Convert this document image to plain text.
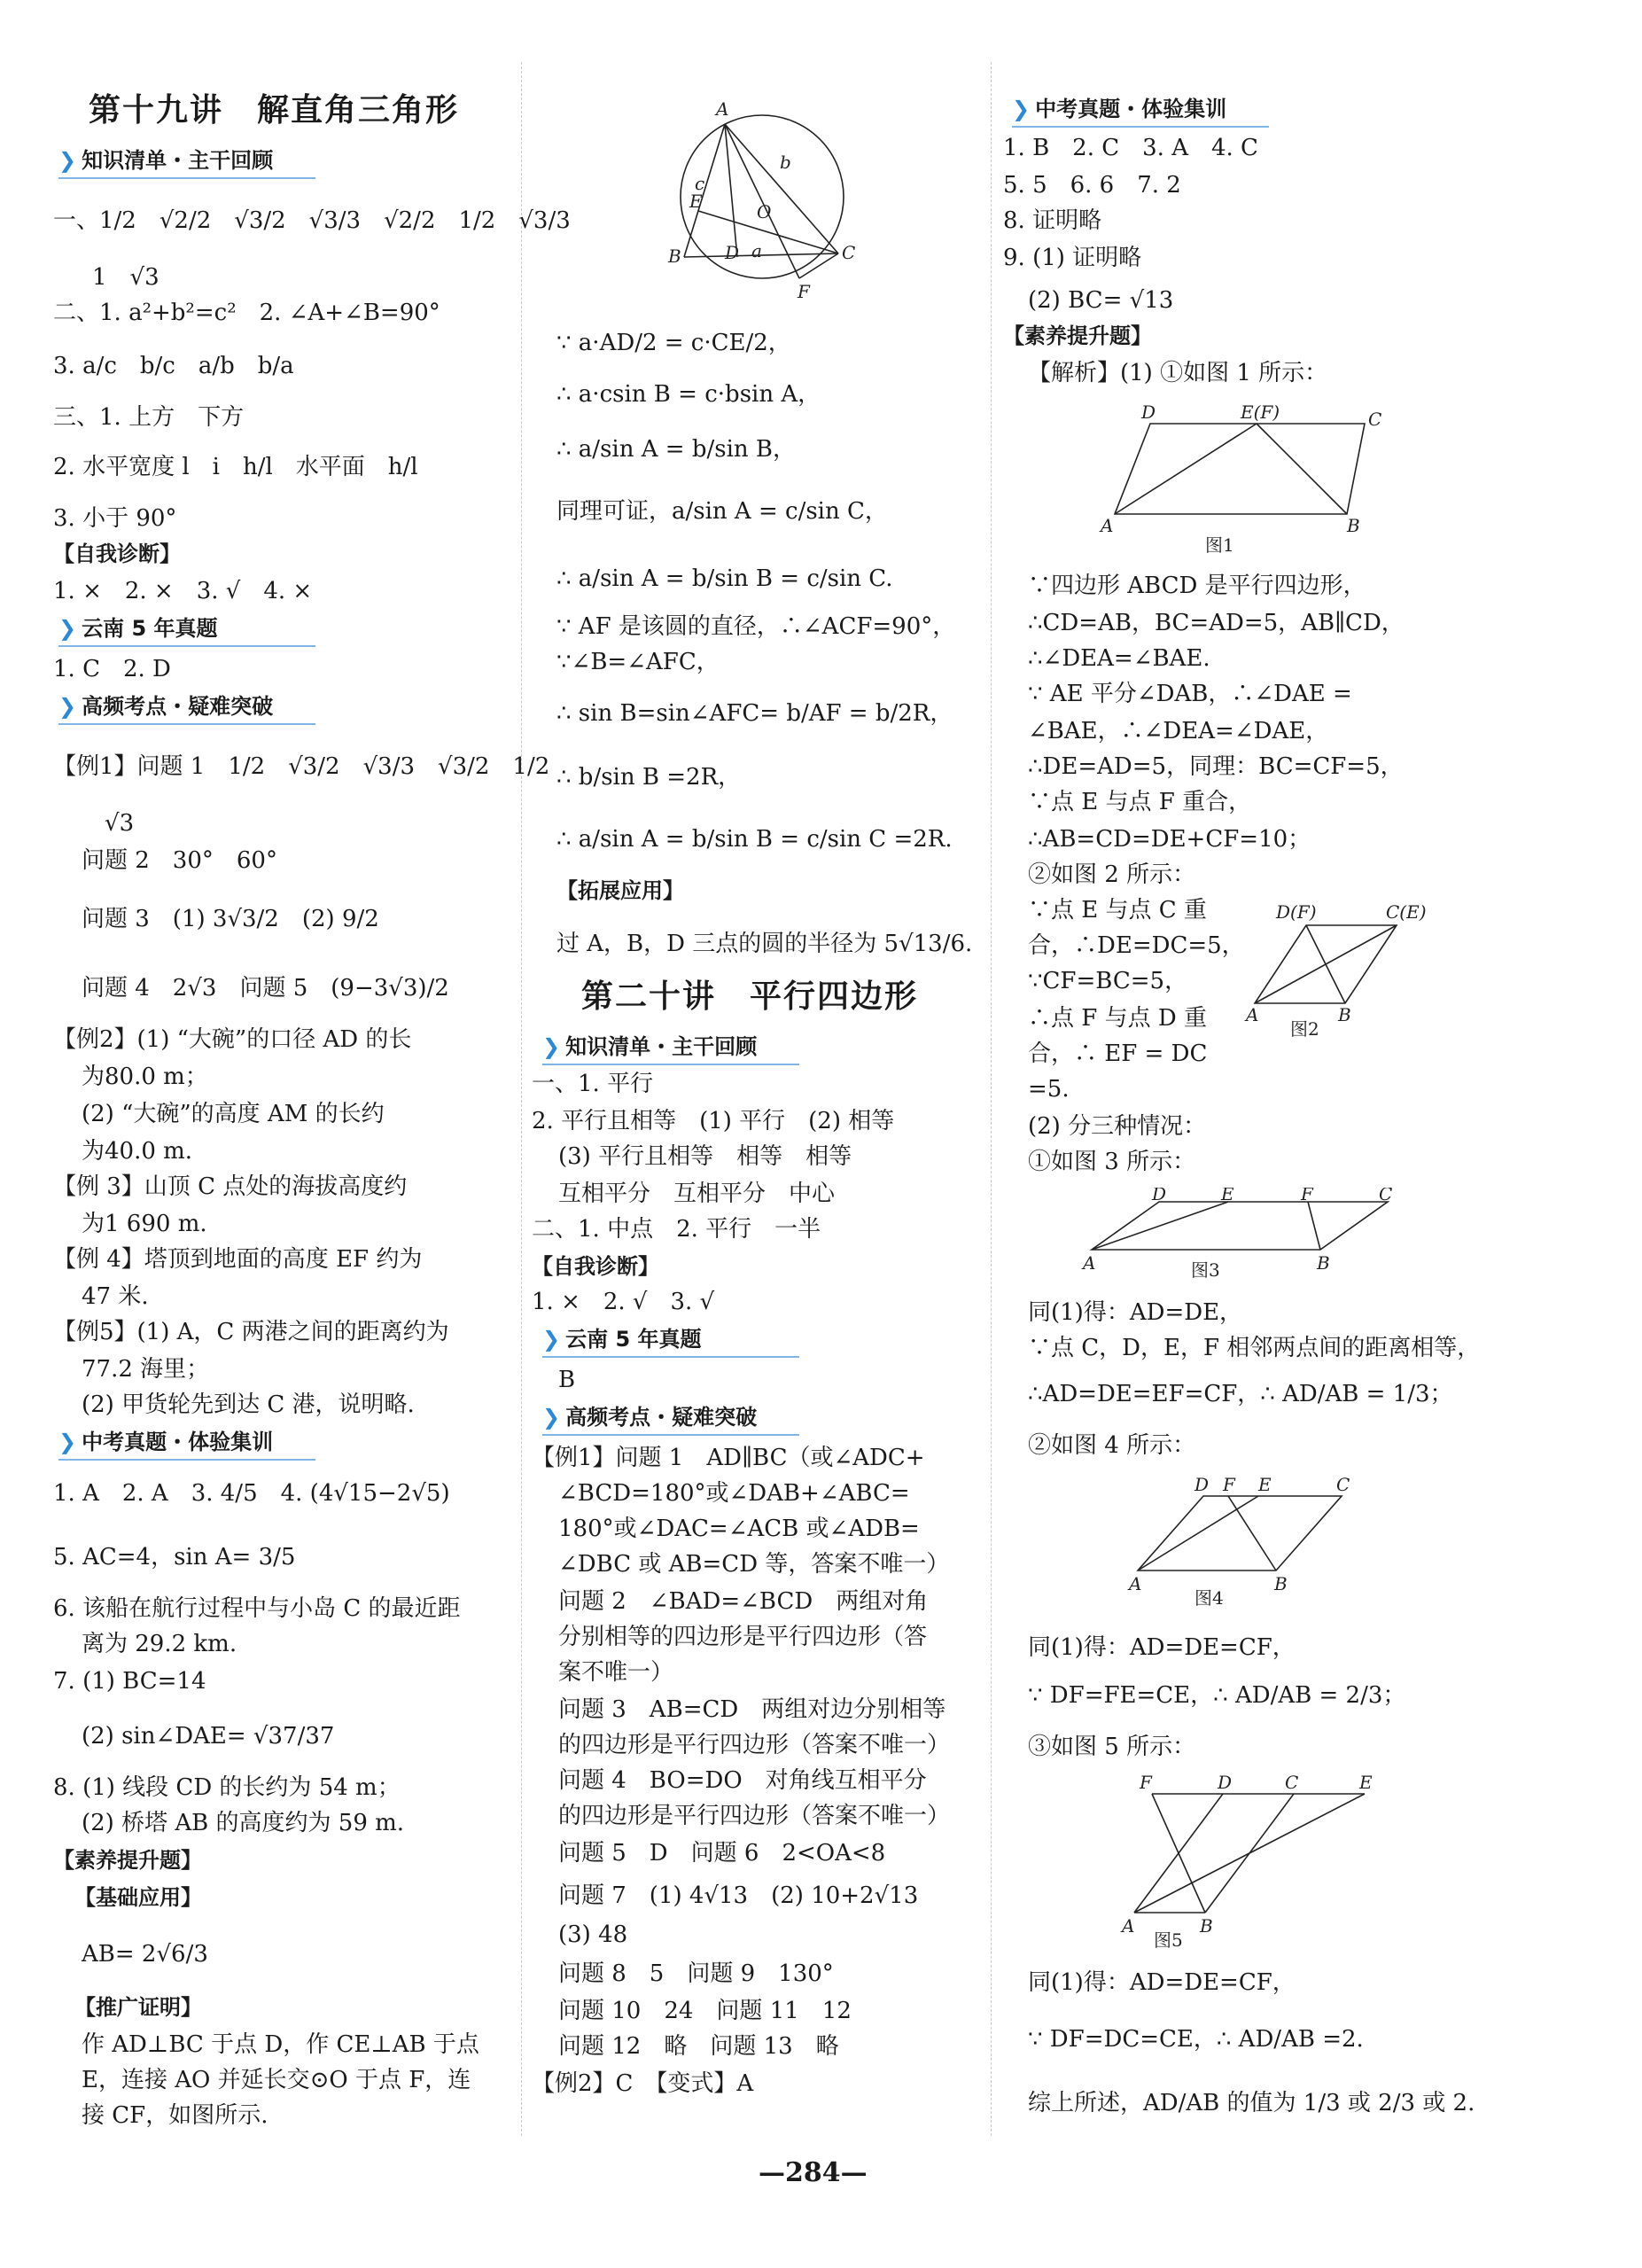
第十九讲　解直角三角形
❯ 知识清单・主干回顾
一、1/2　√2/2　√3/2　√3/3　√2/2　1/2　√3/3
1　√3
二、1. a²+b²=c²　2. ∠A+∠B=90°
3. a/c　b/c　a/b　b/a
三、1. 上方　下方
2. 水平宽度 l　i　h/l　水平面　h/l
3. 小于 90°
【自我诊断】
1. ×　2. ×　3. √　4. ×
❯ 云南 5 年真题
1. C　2. D
❯ 高频考点・疑难突破
【例1】问题 1　1/2　√3/2　√3/3　√3/2　1/2
√3
问题 2　30°　60°
问题 3　(1) 3√3/2　(2) 9/2
问题 4　2√3　问题 5　(9−3√3)/2
【例2】(1) “大碗”的口径 AD 的长
为80.0 m；
(2) “大碗”的高度 AM 的长约
为40.0 m.
【例 3】山顶 C 点处的海拔高度约
为1 690 m.
【例 4】塔顶到地面的高度 EF 约为
47 米.
【例5】(1) A，C 两港之间的距离约为
77.2 海里；
(2) 甲货轮先到达 C 港，说明略.
❯ 中考真题・体验集训
1. A　2. A　3. 4/5　4. (4√15−2√5)
5. AC=4，sin A= 3/5
6. 该船在航行过程中与小岛 C 的最近距
离为 29.2 km.
7. (1) BC=14
(2) sin∠DAE= √37/37
8. (1) 线段 CD 的长约为 54 m；
(2) 桥塔 AB 的高度约为 59 m.
【素养提升题】
【基础应用】
AB= 2√6/3
【推广证明】
作 AD⊥BC 于点 D，作 CE⊥AB 于点
E，连接 AO 并延长交⊙O 于点 F，连
接 CF，如图所示.
A
B	C
D
E
F
O
a
b
c
∵ a·AD/2 = c·CE/2，
∴ a·csin B = c·bsin A，
∴ a/sin A = b/sin B，
同理可证，a/sin A = c/sin C，
∴ a/sin A = b/sin B = c/sin C.
∵ AF 是该圆的直径，∴∠ACF=90°，
∵∠B=∠AFC，
∴ sin B=sin∠AFC= b/AF = b/2R，
∴ b/sin B =2R，
∴ a/sin A = b/sin B = c/sin C =2R.
【拓展应用】
过 A，B，D 三点的圆的半径为 5√13/6.
第二十讲　平行四边形
❯ 知识清单・主干回顾
一、1. 平行
2. 平行且相等　(1) 平行　(2) 相等
(3) 平行且相等　相等　相等
互相平分　互相平分　中心
二、1. 中点　2. 平行　一半
【自我诊断】
1. ×　2. √　3. √
❯ 云南 5 年真题
B
❯ 高频考点・疑难突破
【例1】问题 1　AD∥BC（或∠ADC+
∠BCD=180°或∠DAB+∠ABC=
180°或∠DAC=∠ACB 或∠ADB=
∠DBC 或 AB=CD 等，答案不唯一）
问题 2　∠BAD=∠BCD　两组对角
分别相等的四边形是平行四边形（答
案不唯一）
问题 3　AB=CD　两组对边分别相等
的四边形是平行四边形（答案不唯一）
问题 4　BO=DO　对角线互相平分
的四边形是平行四边形（答案不唯一）
问题 5　D　问题 6　2<OA<8
问题 7　(1) 4√13　(2) 10+2√13
(3) 48
问题 8　5　问题 9　130°
问题 10　24　问题 11　12
问题 12　略　问题 13　略
【例2】C　【变式】A
❯ 中考真题・体验集训
1. B　2. C　3. A　4. C
5. 5　6. 6　7. 2
8. 证明略
9. (1) 证明略
(2) BC= √13
【素养提升题】
【解析】(1) ①如图 1 所示：
A	B
C
D	E(F)
图1
∵四边形 ABCD 是平行四边形，
∴CD=AB，BC=AD=5，AB∥CD，
∴∠DEA=∠BAE.
∵ AE 平分∠DAB，∴∠DAE =
∠BAE，∴∠DEA=∠DAE，
∴DE=AD=5，同理：BC=CF=5，
∵点 E 与点 F 重合，
∴AB=CD=DE+CF=10；
②如图 2 所示：
∵点 E 与点 C 重
合，∴DE=DC=5，
∵CF=BC=5，
∴点 F 与点 D 重
合，∴ EF = DC
=5.
A	B
D(F)	C(E)
图2
(2) 分三种情况：
①如图 3 所示：
A	B
C
D	E	F
图3
同(1)得：AD=DE，
∵点 C，D，E，F 相邻两点间的距离相等，
∴AD=DE=EF=CF，∴ AD/AB = 1/3；
②如图 4 所示：
A	B
C
D	E
F
图4
同(1)得：AD=DE=CF，
∵ DF=FE=CE，∴ AD/AB = 2/3；
③如图 5 所示：
A	B
C
D	E
F
图5
同(1)得：AD=DE=CF，
∵ DF=DC=CE，∴ AD/AB =2.
综上所述，AD/AB 的值为 1/3 或 2/3 或 2.
—284—
